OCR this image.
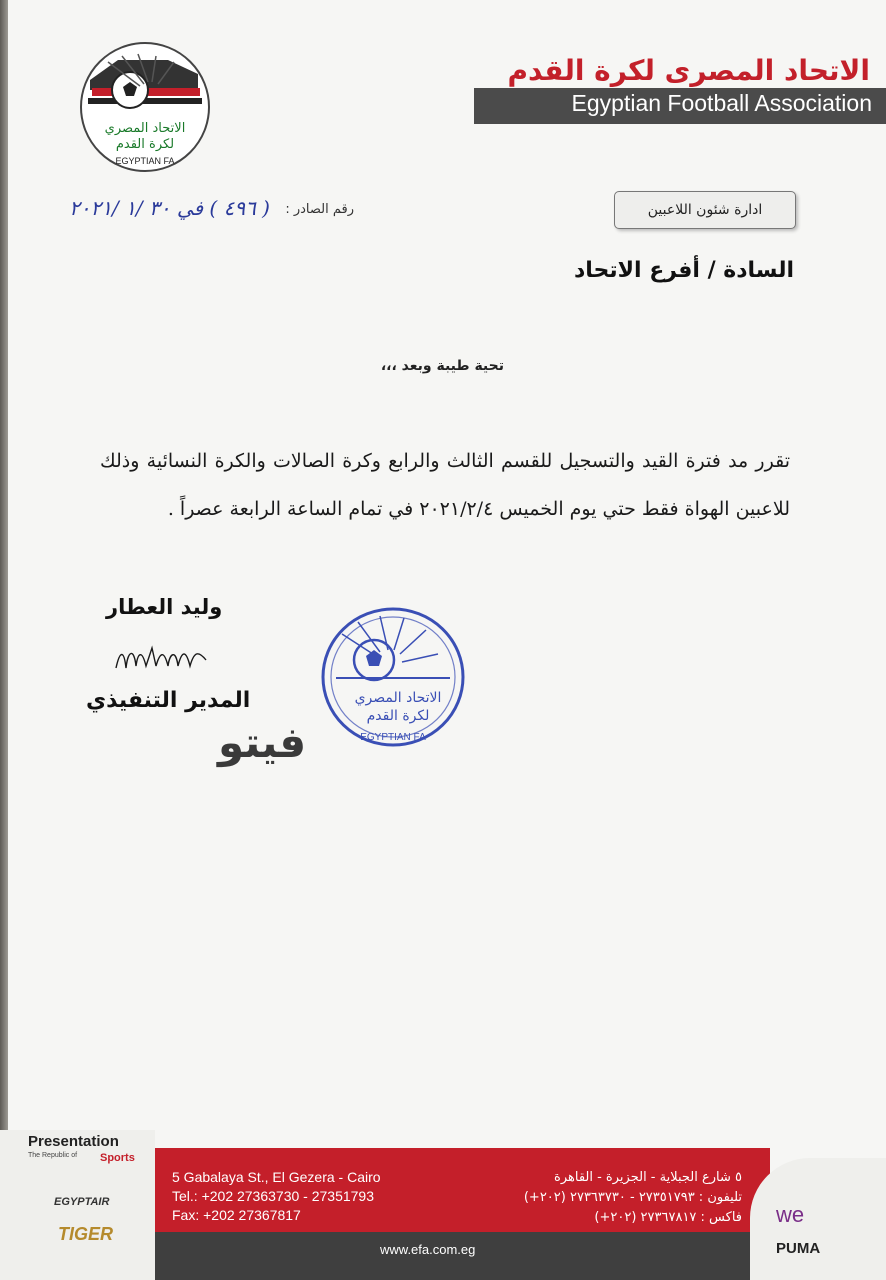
الاتحاد المصري
لكرة القدم
EGYPTIAN FA
الاتحاد المصرى لكرة القدم
Egyptian Football Association
رقم الصادر :
( ٤٩٦ ) في ٣٠ /١ /٢٠٢١	ادارة شئون اللاعبين
السادة / أفرع الاتحاد
تحية طيبة وبعد ،،،
تقرر مد فترة القيد والتسجيل للقسم الثالث والرابع وكرة الصالات والكرة النسائية وذلك للاعبين الهواة فقط حتي يوم الخميس ٢٠٢١/٢/٤ في تمام الساعة الرابعة عصراً .
وليد العطار
المدير التنفيذي	الاتحاد المصري
لكرة القدم
EGYPTIAN FA
فيتو
Presentation
The Republic of Sports
EGYPTAIR
TIGER
5 Gabalaya St., El Gezera - Cairo
Tel.: +202 27363730 - 27351793
Fax: +202 27367817
٥ شارع الجبلاية - الجزيرة - القاهرة
تليفون : ٢٧٣٥١٧٩٣ - ٢٧٣٦٣٧٣٠ (٢٠٢+)
فاكس : ٢٧٣٦٧٨١٧ (٢٠٢+)
www.efa.com.eg
we
PUMA
